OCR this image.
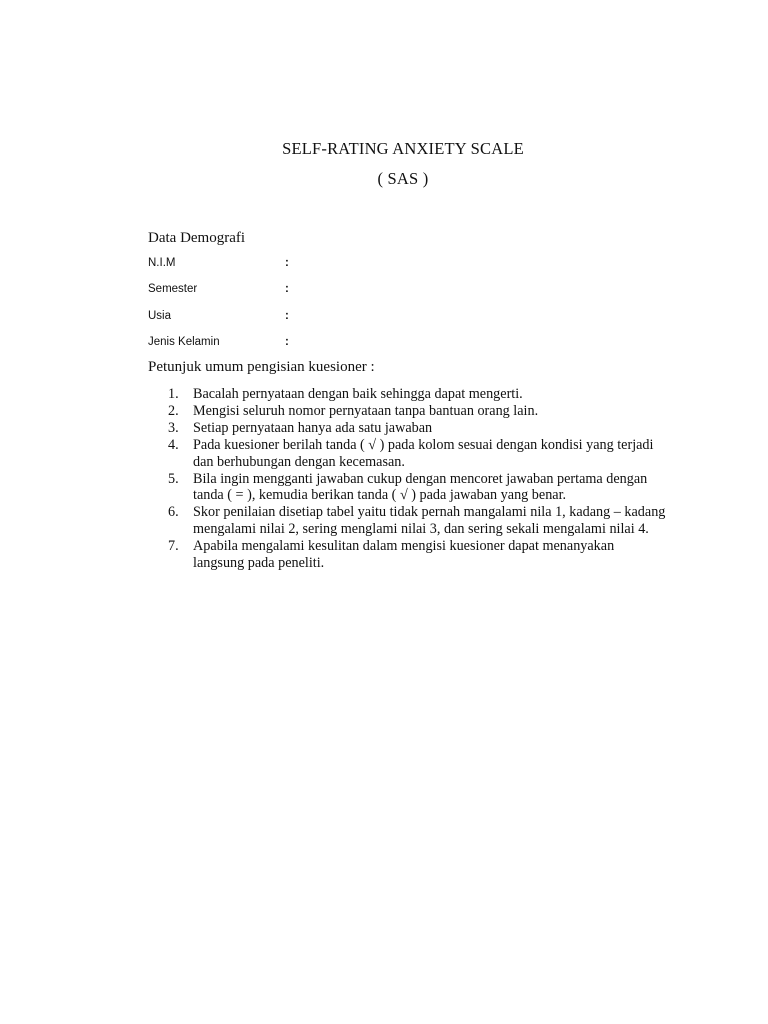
SELF-RATING ANXIETY SCALE
( SAS )
Data Demografi
N.I.M	:
Semester	:
Usia	:
Jenis Kelamin	:
Petunjuk umum pengisian kuesioner :
1. Bacalah pernyataan dengan baik sehingga dapat mengerti.
2. Mengisi seluruh nomor pernyataan tanpa bantuan orang lain.
3. Setiap pernyataan hanya ada satu jawaban
4. Pada kuesioner berilah tanda ( √ ) pada kolom sesuai dengan kondisi yang terjadi dan berhubungan dengan kecemasan.
5. Bila ingin mengganti jawaban cukup dengan mencoret jawaban pertama dengan tanda ( = ), kemudia berikan tanda ( √ ) pada jawaban yang benar.
6. Skor penilaian disetiap tabel yaitu tidak pernah mangalami nila 1, kadang – kadang mengalami nilai 2, sering menglami nilai 3, dan sering sekali mengalami nilai 4.
7. Apabila mengalami kesulitan dalam mengisi kuesioner dapat menanyakan langsung pada peneliti.
